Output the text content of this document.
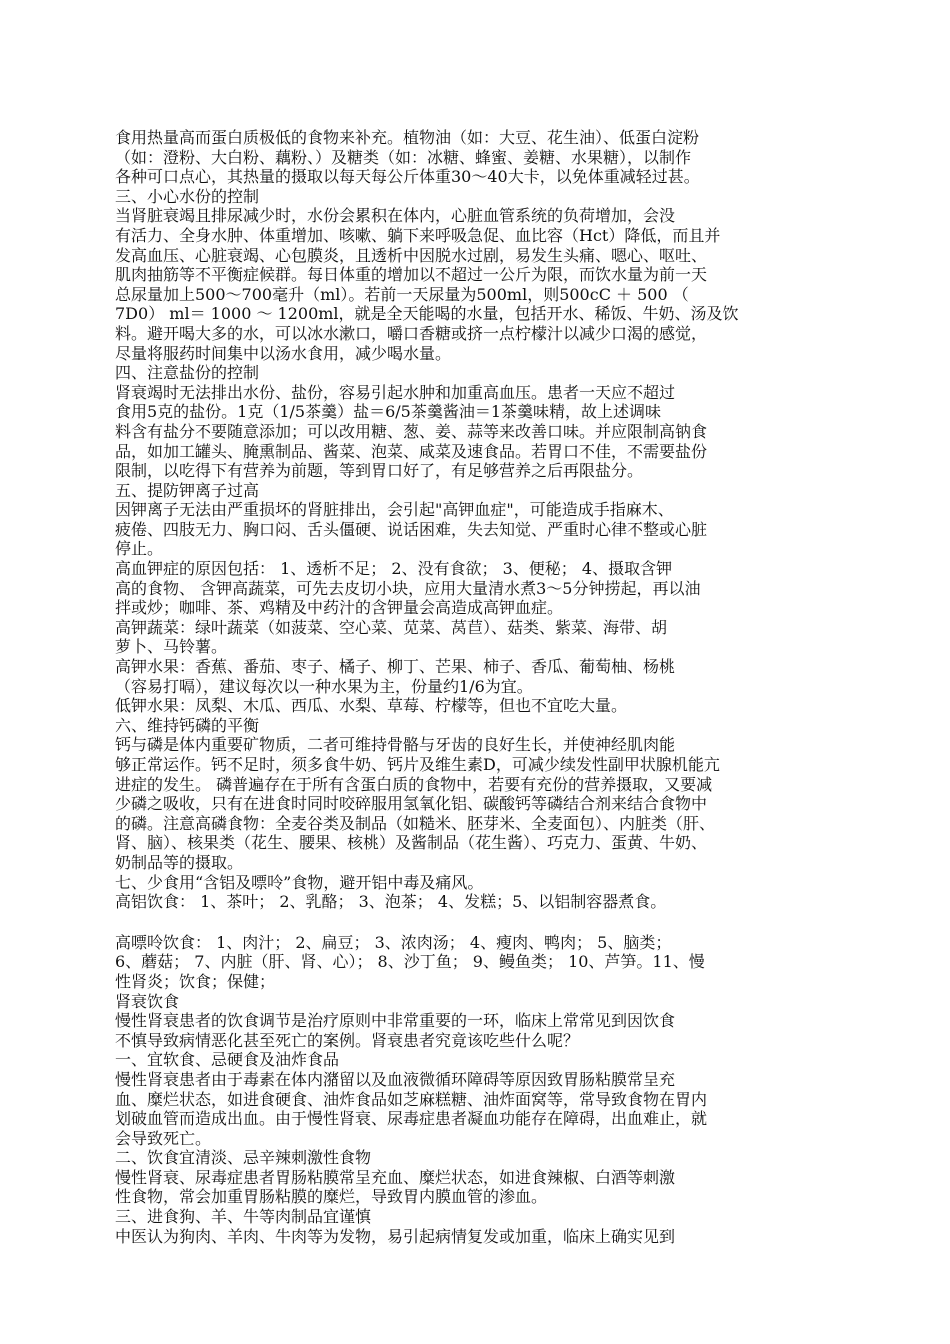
食用热量高而蛋白质极低的食物来补充。植物油（如：大豆、花生油）、低蛋白淀粉
（如：澄粉、大白粉、藕粉、）及糖类（如：冰糖、蜂蜜、姜糖、水果糖），以制作
各种可口点心，其热量的摄取以每天每公斤体重30～40大卡，以免体重减轻过甚。
三、小心水份的控制
当肾脏衰竭且排尿减少时，水份会累积在体内，心脏血管系统的负荷增加，会没
有活力、全身水肿、体重增加、咳嗽、躺下来呼吸急促、血比容（Hct）降低，而且并
发高血压、心脏衰竭、心包膜炎，且透析中因脱水过剧，易发生头痛、嗯心、呕吐、
肌肉抽筋等不平衡症候群。每日体重的增加以不超过一公斤为限，而饮水量为前一天
总尿量加上500～700毫升（ml）。若前一天尿量为500ml，则500cC ＋ 500 （
7D0） ml＝ 1000 ～ 1200ml，就是全天能喝的水量，包括开水、稀饭、牛奶、汤及饮
料。避开喝大多的水，可以冰水漱口，嚼口香糖或挤一点柠檬汁以减少口渴的感觉，
尽量将服药时间集中以汤水食用，减少喝水量。
四、注意盐份的控制
肾衰竭时无法排出水份、盐份，容易引起水肿和加重高血压。患者一天应不超过
食用5克的盐份。1克（1/5茶羹）盐＝6/5茶羹酱油＝1茶羹味精，故上述调味
料含有盐分不要随意添加；可以改用糖、葱、姜、蒜等来改善口味。并应限制高钠食
品，如加工罐头、腌熏制品、酱菜、泡菜、咸菜及速食品。若胃口不佳，不需要盐份
限制，以吃得下有营养为前题，等到胃口好了，有足够营养之后再限盐分。
五、提防钾离子过高
因钾离子无法由严重损坏的肾脏排出，会引起"高钾血症"，可能造成手指麻木、
疲倦、四肢无力、胸口闷、舌头僵硬、说话困难，失去知觉、严重时心律不整或心脏
停止。
高血钾症的原因包括： 1、透析不足； 2、没有食欲； 3、便秘； 4、摄取含钾
高的食物、 含钾高蔬菜，可先去皮切小块，应用大量清水煮3～5分钟捞起，再以油
拌或炒；咖啡、茶、鸡精及中药汁的含钾量会高造成高钾血症。
高钾蔬菜：绿叶蔬菜（如菠菜、空心菜、苋菜、莴苣）、菇类、紫菜、海带、胡
萝卜、马铃薯。
高钾水果：香蕉、番茄、枣子、橘子、柳丁、芒果、柿子、香瓜、葡萄柚、杨桃
（容易打嗝），建议每次以一种水果为主，份量约1/6为宜。
低钾水果：凤梨、木瓜、西瓜、水梨、草莓、柠檬等，但也不宜吃大量。
六、维持钙磷的平衡
钙与磷是体内重要矿物质，二者可维持骨骼与牙齿的良好生长，并使神经肌肉能
够正常运作。钙不足时，须多食牛奶、钙片及维生素D，可减少续发性副甲状腺机能亢
进症的发生。 磷普遍存在于所有含蛋白质的食物中，若要有充份的营养摄取，又要减
少磷之吸收，只有在进食时同时咬碎服用氢氧化铝、碳酸钙等磷结合剂来结合食物中
的磷。注意高磷食物：全麦谷类及制品（如糙米、胚芽米、全麦面包）、内脏类（肝、
肾、脑）、核果类（花生、腰果、核桃）及酱制品（花生酱）、巧克力、蛋黄、牛奶、
奶制品等的摄取。
七、少食用“含铝及嘌呤”食物，避开铝中毒及痛风。
高铝饮食： 1、茶叶； 2、乳酪； 3、泡茶； 4、发糕；5、以铝制容器煮食。
高嘌呤饮食： 1、肉汁； 2、扁豆； 3、浓肉汤； 4、瘦肉、鸭肉； 5、脑类；
6、蘑菇； 7、内脏（肝、肾、心）； 8、沙丁鱼； 9、鳗鱼类； 10、芦笋。11、慢
性肾炎；饮食；保健；
肾衰饮食
慢性肾衰患者的饮食调节是治疗原则中非常重要的一环，临床上常常见到因饮食
不慎导致病情恶化甚至死亡的案例。肾衰患者究竟该吃些什么呢？
一、宜软食、忌硬食及油炸食品
慢性肾衰患者由于毒素在体内潴留以及血液微循环障碍等原因致胃肠粘膜常呈充
血、糜烂状态，如进食硬食、油炸食品如芝麻糕糖、油炸面窝等，常导致食物在胃内
划破血管而造成出血。由于慢性肾衰、尿毒症患者凝血功能存在障碍，出血难止，就
会导致死亡。
二、饮食宜清淡、忌辛辣刺激性食物
慢性肾衰、尿毒症患者胃肠粘膜常呈充血、糜烂状态，如进食辣椒、白酒等刺激
性食物，常会加重胃肠粘膜的糜烂，导致胃内膜血管的渗血。
三、进食狗、羊、牛等肉制品宜谨慎
中医认为狗肉、羊肉、牛肉等为发物，易引起病情复发或加重，临床上确实见到
